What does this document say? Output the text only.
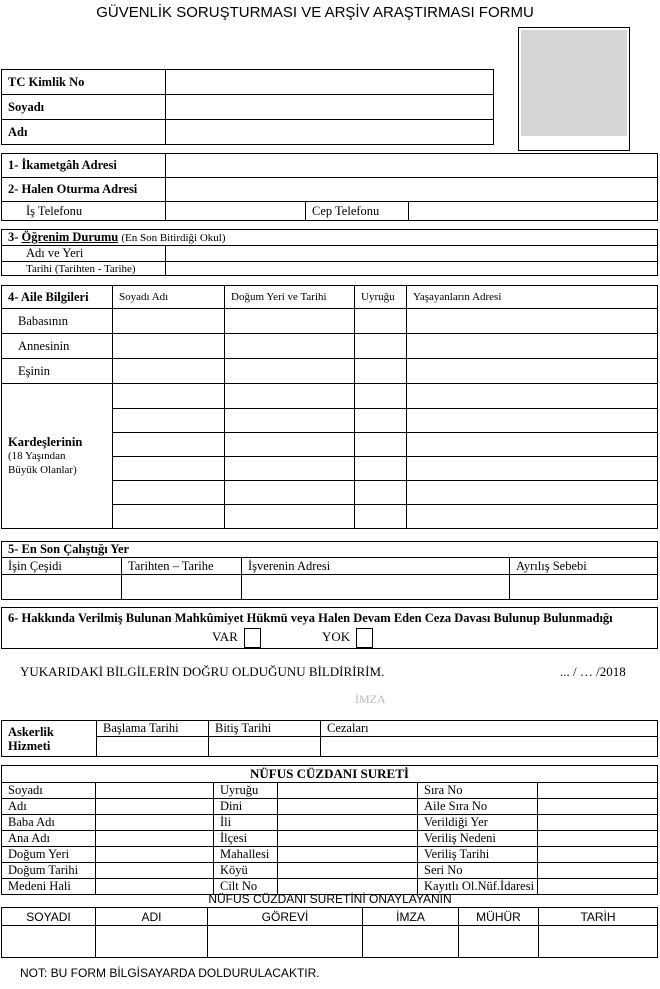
GÜVENLİK SORUŞTURMASI VE ARŞİV ARAŞTIRMASI FORMU
TC Kimlik No	
Soyadı	
Adı	
1- İkametgâh Adresi			
2- Halen Oturma Adresi			
İş Telefonu		Cep Telefonu	
3- Öğrenim Durumu (En Son Bitirdiği Okul)	
Adı ve Yeri	
Tarihi (Tarihten - Tarihe)	
4- Aile Bilgileri	Soyadı Adı	Doğum Yeri ve Tarihi	Uyruğu	Yaşayanların Adresi
Babasının				
Annesinin				
Eşinin				
Kardeşlerinin
(18 Yaşından
Büyük Olanlar)				

5- En Son Çalıştığı Yer			
İşin Çeşidi	Tarihten – Tarihe	İşverenin Adresi	Ayrılış Sebebi

6- Hakkında Verilmiş Bulunan Mahkûmiyet Hükmü veya Halen Devam Eden Ceza Davası Bulunup Bulunmadığı
VAR	YOK
YUKARIDAKİ BİLGİLERİN DOĞRU OLDUĞUNU BİLDİRİRİM.	... / … /2018
İMZA
Askerlik
Hizmeti	Başlama Tarihi	Bitiş Tarihi	Cezaları

NÜFUS CÜZDANI SURETİ					
Soyadı		Uyruğu		Sıra No	
Adı		Dini		Aile Sıra No	
Baba Adı		İli		Verildiği Yer	
Ana Adı		İlçesi		Veriliş Nedeni	
Doğum Yeri		Mahallesi		Veriliş Tarihi	
Doğum Tarihi		Köyü		Seri No	
Medeni Hali		Cilt No		Kayıtlı Ol.Nüf.İdaresi	
NÜFUS CÜZDANI SURETİNİ ONAYLAYANIN
SOYADI	ADI	GÖREVİ	İMZA	MÜHÜR	TARİH

NOT: BU FORM BİLGİSAYARDA DOLDURULACAKTIR.
